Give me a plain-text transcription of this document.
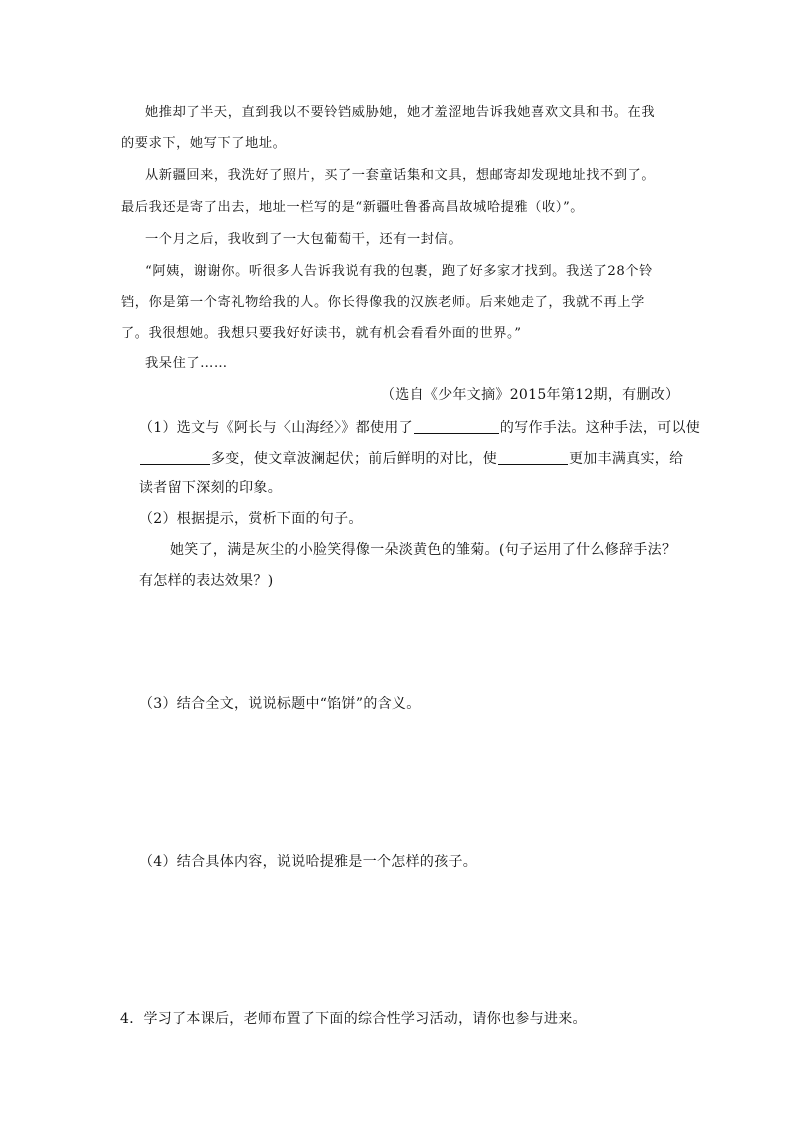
她推却了半天，直到我以不要铃铛威胁她，她才羞涩地告诉我她喜欢文具和书。在我
的要求下，她写下了地址。
从新疆回来，我洗好了照片，买了一套童话集和文具，想邮寄却发现地址找不到了。
最后我还是寄了出去，地址一栏写的是“新疆吐鲁番高昌故城哈提雅（收）”。
一个月之后，我收到了一大包葡萄干，还有一封信。
“阿姨，谢谢你。听很多人告诉我说有我的包裹，跑了好多家才找到。我送了28个铃
铛，你是第一个寄礼物给我的人。你长得像我的汉族老师。后来她走了，我就不再上学
了。我很想她。我想只要我好好读书，就有机会看看外面的世界。”
我呆住了……
（选自《少年文摘》2015年第12期，有删改）
（1）选文与《阿长与〈山海经〉》都使用了	的写作手法。这种手法，可以使
多变，使文章波澜起伏；前后鲜明的对比，使	更加丰满真实，给
读者留下深刻的印象。
（2）根据提示，赏析下面的句子。
她笑了，满是灰尘的小脸笑得像一朵淡黄色的雏菊。(句子运用了什么修辞手法？
有怎样的表达效果？)
（3）结合全文，说说标题中“馅饼”的含义。
（4）结合具体内容，说说哈提雅是一个怎样的孩子。
4．学习了本课后，老师布置了下面的综合性学习活动，请你也参与进来。
